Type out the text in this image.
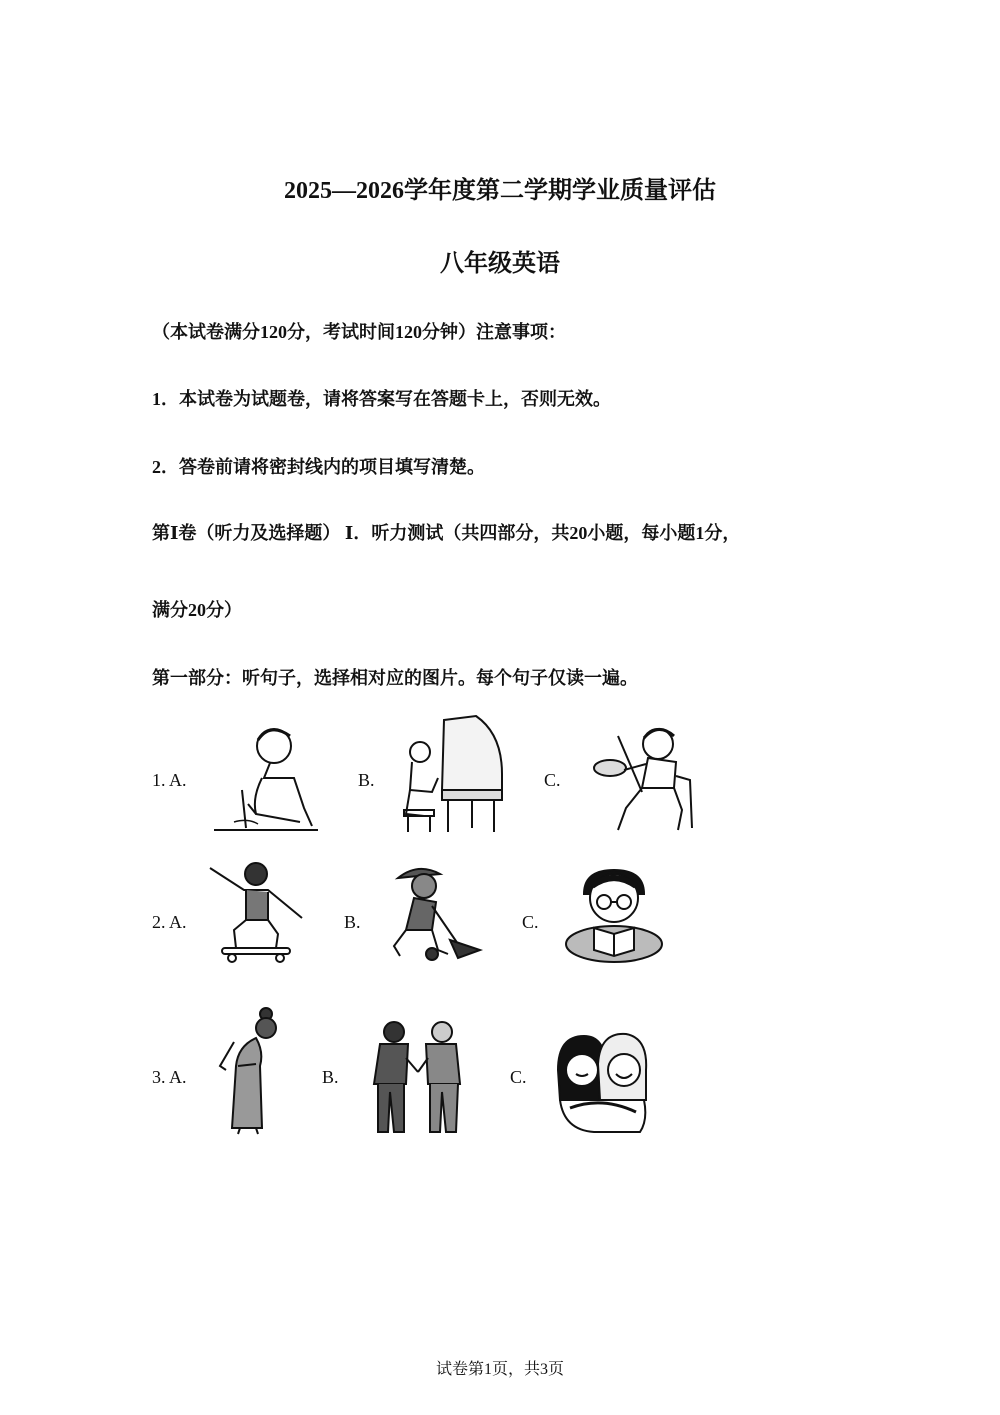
2025—2026学年度第二学期学业质量评估
八年级英语
（本试卷满分120分，考试时间120分钟）注意事项：
1．本试卷为试题卷，请将答案写在答题卡上，否则无效。
2．答卷前请将密封线内的项目填写清楚。
第Ⅰ卷（听力及选择题） Ⅰ．听力测试（共四部分，共20小题，每小题1分，
满分20分）
第一部分：听句子，选择相对应的图片。每个句子仅读一遍。
1. A.	B.	C.
2. A.	B.	C.
3. A.	B.	C.
试卷第1页，共3页
